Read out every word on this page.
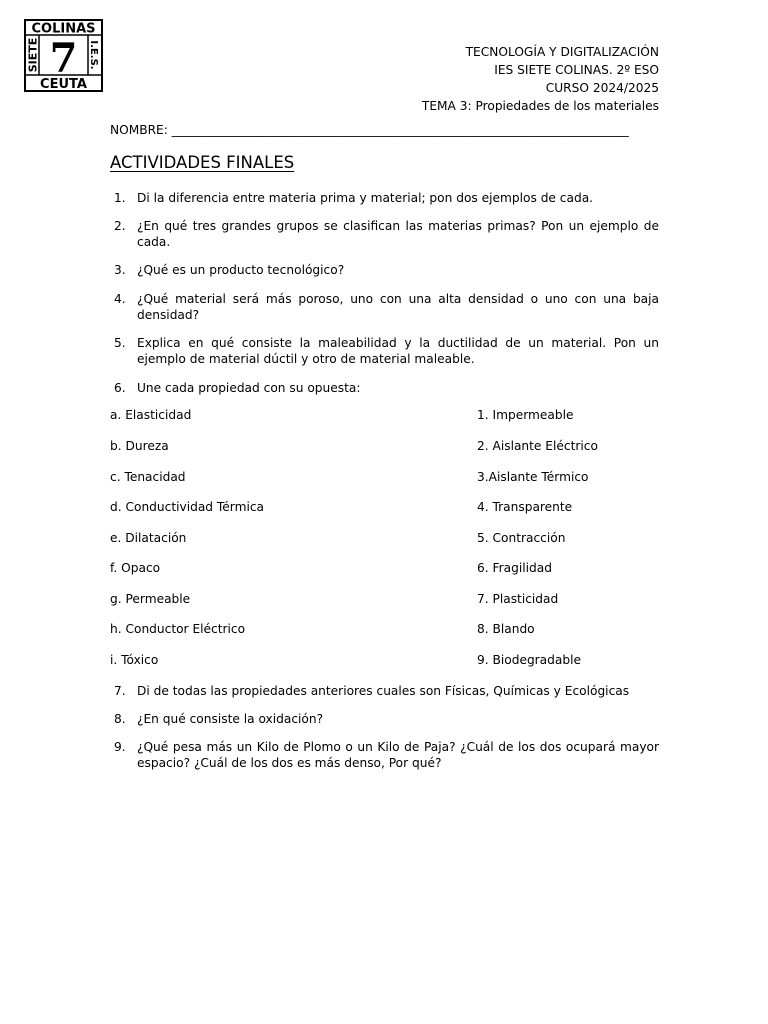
COLINAS
CEUTA
SIETE	I.E.S.
7	TECNOLOGÍA Y DIGITALIZACIÓN
IES SIETE COLINAS. 2º ESO
CURSO 2024/2025
TEMA 3: Propiedades de los materiales
NOMBRE: ___________________________________________________________________________
ACTIVIDADES FINALES
1. Di la diferencia entre materia prima y material; pon dos ejemplos de cada.
2. ¿En qué tres grandes grupos se clasifican las materias primas? Pon un ejemplo de cada.
3. ¿Qué es un producto tecnológico?
4. ¿Qué material será más poroso, uno con una alta densidad o uno con una baja densidad?
5. Explica en qué consiste la maleabilidad y la ductilidad de un material. Pon un ejemplo de material dúctil y otro de material maleable.
6. Une cada propiedad con su opuesta:
a. Elasticidad	1. Impermeable
b. Dureza	2. Aislante Eléctrico
c. Tenacidad	3.Aislante Térmico
d. Conductividad Térmica	4. Transparente
e. Dilatación	5. Contracción
f. Opaco	6. Fragilidad
g. Permeable	7. Plasticidad
h. Conductor Eléctrico	8. Blando
i. Tóxico	9. Biodegradable
7. Di de todas las propiedades anteriores cuales son Físicas, Químicas y Ecológicas
8. ¿En qué consiste la oxidación?
9. ¿Qué pesa más un Kilo de Plomo o un Kilo de Paja? ¿Cuál de los dos ocupará mayor espacio? ¿Cuál de los dos es más denso, Por qué?
